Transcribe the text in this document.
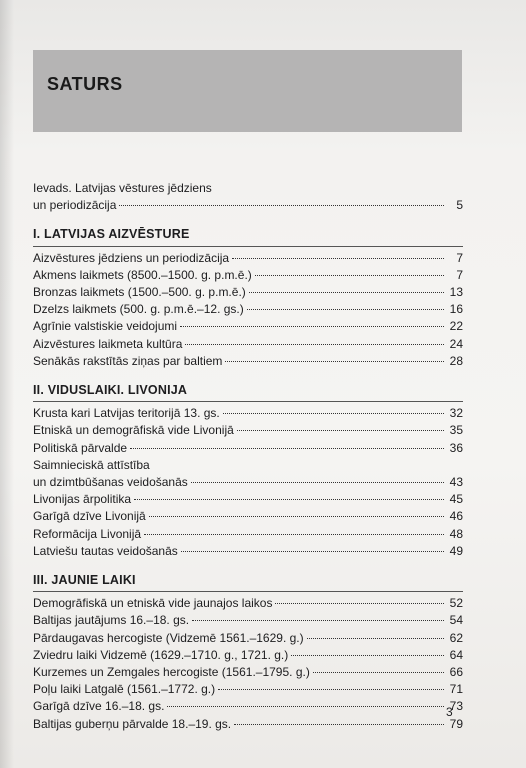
SATURS
Ievads. Latvijas vēstures jēdziens
un periodizācija	5
I. LATVIJAS AIZVĒSTURE
Aizvēstures jēdziens un periodizācija	7
Akmens laikmets (8500.–1500. g. p.m.ē.)	7
Bronzas laikmets (1500.–500. g. p.m.ē.)	13
Dzelzs laikmets (500. g. p.m.ē.–12. gs.)	16
Agrīnie valstiskie veidojumi	22
Aizvēstures laikmeta kultūra	24
Senākās rakstītās ziņas par baltiem	28
II. VIDUSLAIKI. LIVONIJA
Krusta kari Latvijas teritorijā 13. gs.	32
Etniskā un demogrāfiskā vide Livonijā	35
Politiskā pārvalde	36
Saimnieciskā attīstība
un dzimtbūšanas veidošanās	43
Livonijas ārpolitika	45
Garīgā dzīve Livonijā	46
Reformācija Livonijā	48
Latviešu tautas veidošanās	49
III. JAUNIE LAIKI
Demogrāfiskā un etniskā vide jaunajos laikos	52
Baltijas jautājums 16.–18. gs.	54
Pārdaugavas hercogiste (Vidzemē 1561.–1629. g.)	62
Zviedru laiki Vidzemē (1629.–1710. g., 1721. g.)	64
Kurzemes un Zemgales hercogiste (1561.–1795. g.)	66
Poļu laiki Latgalē (1561.–1772. g.)	71
Garīgā dzīve 16.–18. gs.	73
Baltijas guberņu pārvalde 18.–19. gs.	79
3
